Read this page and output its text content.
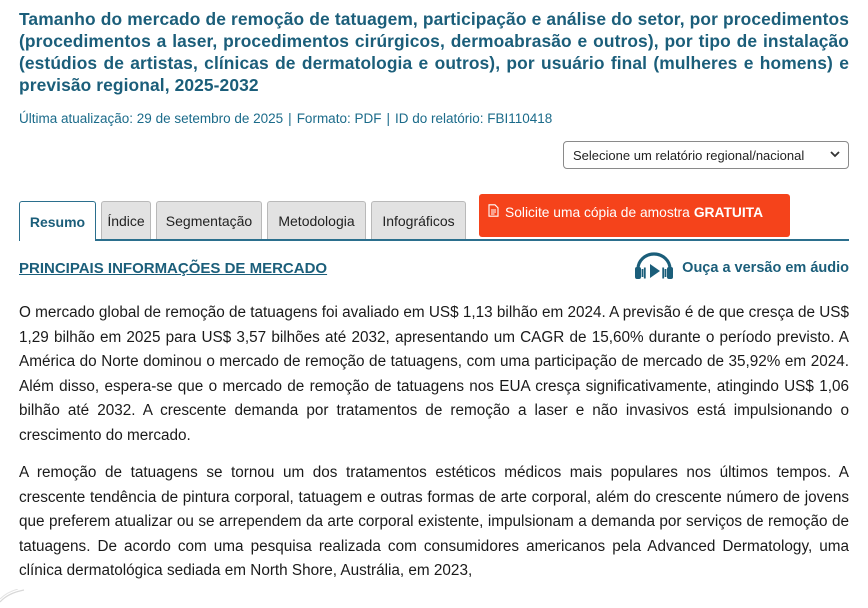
Tamanho do mercado de remoção de tatuagem, participação e análise do setor, por procedimentos (procedimentos a laser, procedimentos cirúrgicos, dermoabrasão e outros), por tipo de instalação (estúdios de artistas, clínicas de dermatologia e outros), por usuário final (mulheres e homens) e previsão regional, 2025-2032
Última atualização: 29 de setembro de 2025 | Formato: PDF | ID do relatório: FBI110418
Selecione um relatório regional/nacional
Resumo Índice Segmentação Metodologia Infográficos	Solicite uma cópia de amostra GRATUITA
PRINCIPAIS INFORMAÇÕES DE MERCADO	Ouça a versão em áudio

O mercado global de remoção de tatuagens foi avaliado em US$ 1,13 bilhão em 2024. A previsão é de que cresça de US$ 1,29 bilhão em 2025 para US$ 3,57 bilhões até 2032, apresentando um CAGR de 15,60% durante o período previsto. A América do Norte dominou o mercado de remoção de tatuagens, com uma participação de mercado de 35,92% em 2024. Além disso, espera-se que o mercado de remoção de tatuagens nos EUA cresça significativamente, atingindo US$ 1,06 bilhão até 2032. A crescente demanda por tratamentos de remoção a laser e não invasivos está impulsionando o crescimento do mercado.

A remoção de tatuagens se tornou um dos tratamentos estéticos médicos mais populares nos últimos tempos. A crescente tendência de pintura corporal, tatuagem e outras formas de arte corporal, além do crescente número de jovens que preferem atualizar ou se arrependem da arte corporal existente, impulsionam a demanda por serviços de remoção de tatuagens. De acordo com uma pesquisa realizada com consumidores americanos pela Advanced Dermatology, uma clínica dermatológica sediada em North Shore, Austrália, em 2023,
